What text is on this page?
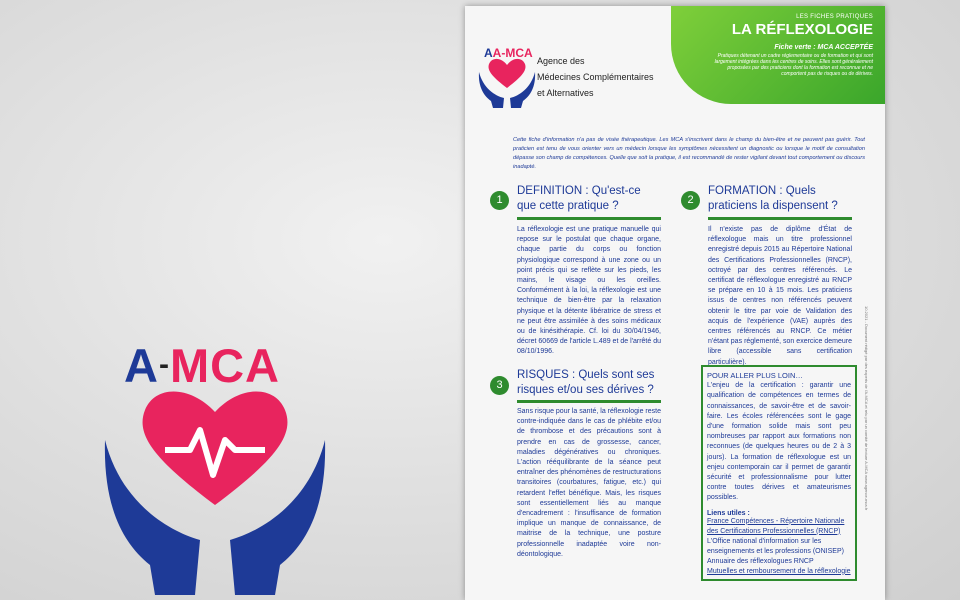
A-MCA
LES FICHES PRATIQUES
LA RÉFLEXOLOGIE
Fiche verte : MCA ACCEPTÉE
Pratiques détenant un cadre réglementaire ou de formation et qui sont largement intégrées dans les centres de soins. Elles sont généralement proposées par des praticiens dont la formation est reconnue et ne comportent pas de risques ou de dérives.
AA-MCA
Agence des
Médecines Complémentaires
et Alternatives
Cette fiche d'information n'a pas de visée thérapeutique. Les MCA s'inscrivent dans le champ du bien-être et ne peuvent pas guérir. Tout praticien est tenu de vous orienter vers un médecin lorsque les symptômes nécessitent un diagnostic ou lorsque le motif de consultation dépasse son champ de compétences. Quelle que soit la pratique, il est recommandé de rester vigilant devant tout comportement ou discours inadapté.
1
DEFINITION : Qu'est-ce que cette pratique ?
La réflexologie est une pratique manuelle qui repose sur le postulat que chaque organe, chaque partie du corps ou fonction physiologique correspond à une zone ou un point précis qui se reflète sur les pieds, les mains, le visage ou les oreilles. Conformément à la loi, la réflexologie est une technique de bien-être par la relaxation physique et la détente libératrice de stress et ne peut être assimilée à des soins médicaux ou de kinésithérapie. Cf. loi du 30/04/1946, décret 60669 de l'article L.489 et de l'arrêté du 08/10/1996.
2
FORMATION : Quels praticiens la dispensent ?
Il n'existe pas de diplôme d'État de réflexologue mais un titre professionnel enregistré depuis 2015 au Répertoire National des Certifications Professionnelles (RNCP), octroyé par des centres référencés. Le certificat de réflexologue enregistré au RNCP se prépare en 10 à 15 mois. Les praticiens issus de centres non référencés peuvent obtenir le titre par voie de Validation des acquis de l'expérience (VAE) auprès des centres référencés au RNCP. Ce métier n'étant pas réglementé, son exercice demeure libre (accessible sans certification particulière).
3
RISQUES : Quels sont ses risques et/ou ses dérives ?
Sans risque pour la santé, la réflexologie reste contre-indiquée dans le cas de phlébite et/ou de thrombose et des précautions sont à prendre en cas de grossesse, cancer, maladies dégénératives ou chroniques. L'action rééquilibrante de la séance peut entraîner des phénomènes de restructurations transitoires (courbatures, fatigue, etc.) qui retardent l'effet bénéfique. Mais, les risques sont essentiellement liés au manque d'encadrement : l'insuffisance de formation implique un manque de connaissance, de maitrise de la technique, une posture professionnelle inadaptée voire non-déontologique.
POUR ALLER PLUS LOIN…
L'enjeu de la certification : garantir une qualification de compétences en termes de connaissances, de savoir-être et de savoir-faire. Les écoles référencées sont le gage d'une formation solide mais sont peu nombreuses par rapport aux formations non reconnues (de quelques heures ou de 2 à 3 jours). La formation de réflexologue est un enjeu contemporain car il permet de garantir sécurité et professionnalisme pour lutter contre toutes dérives et amateurismes possibles.
Liens utiles :
France Compétences - Répertoire Nationale des Certifications Professionnelles (RNCP)
L'Office national d'information sur les enseignements et les professions (ONISEP)
Annuaire des réflexologues RNCP
Mutuelles et remboursement de la réflexologie
10.2021 - Document rédigé par des experts de l'A-MCA et relu par un comité de lecture A-MCA www.agence-mca.fr
